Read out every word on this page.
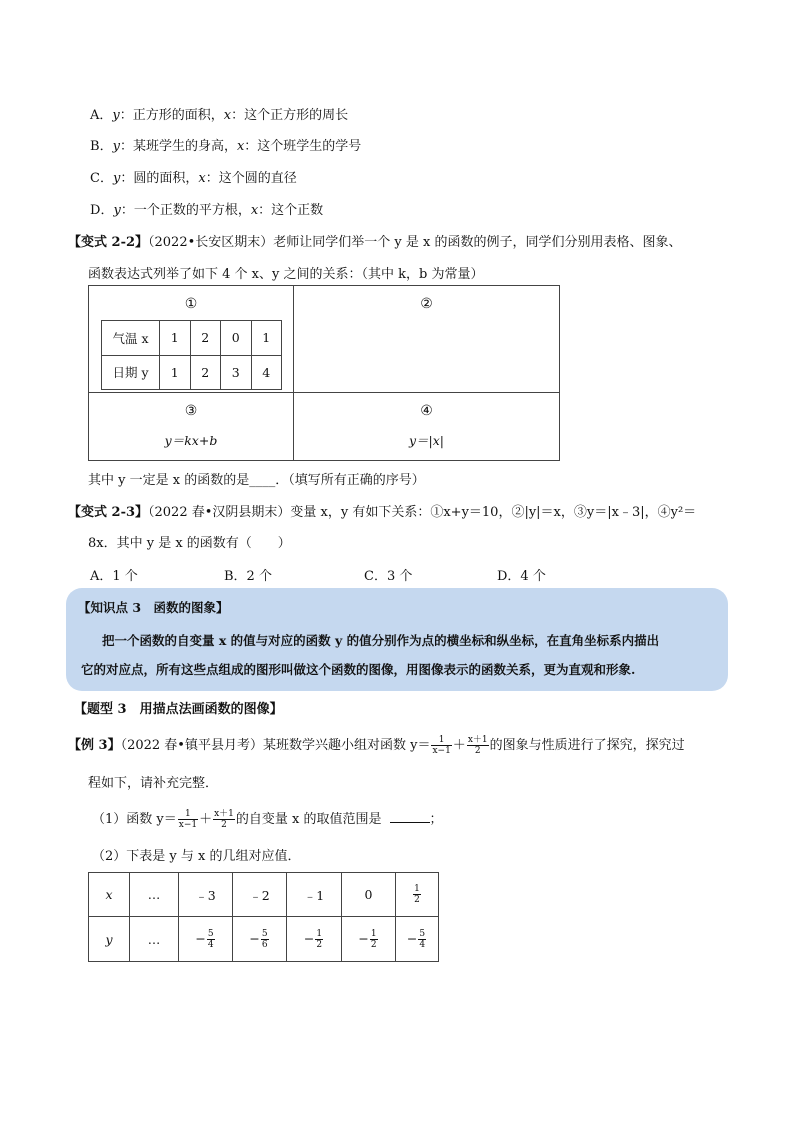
A．y：正方形的面积，x：这个正方形的周长
B．y：某班学生的身高，x：这个班学生的学号
C．y：圆的面积，x：这个圆的直径
D．y：一个正数的平方根，x：这个正数
【变式 2-2】（2022•长安区期末）老师让同学们举一个 y 是 x 的函数的例子，同学们分别用表格、图象、
函数表达式列举了如下 4 个 x、y 之间的关系：（其中 k，b 为常量）
①
气温 x	1	2	0	1
日期 y	1	2	3	4

②

③
y＝kx+b

④
y＝|x|
其中 y 一定是 x 的函数的是____．（填写所有正确的序号）
【变式 2-3】（2022 春•汉阴县期末）变量 x，y 有如下关系：①x+y＝10，②|y|＝x，③y＝|x﹣3|，④y²＝
8x．其中 y 是 x 的函数有（　　）
A．1 个	B．2 个	C．3 个	D．4 个
【知识点 3　函数的图象】
把一个函数的自变量 x 的值与对应的函数 y 的值分别作为点的横坐标和纵坐标，在直角坐标系内描出
它的对应点，所有这些点组成的图形叫做这个函数的图像，用图像表示的函数关系，更为直观和形象.
【题型 3　用描点法画函数的图像】
【例 3】（2022 春•镇平县月考）某班数学兴趣小组对函数 $y= \frac{1}{x-1} + \frac{x+1}{2}$ 的图象与性质进行了探究，探究过
程如下，请补充完整．
（1）函数 $y= \frac{1}{x-1} + \frac{x+1}{2}$ 的自变量 x 的取值范围是	；
（2）下表是 y 与 x 的几组对应值．
x	…	﹣3	﹣2	﹣1	0	$\frac{1}{2}$

y	…	− $\frac{5}{4}$	− $\frac{5}{6}$	− $\frac{1}{2}$	− $\frac{1}{2}$	− $\frac{5}{4}$
